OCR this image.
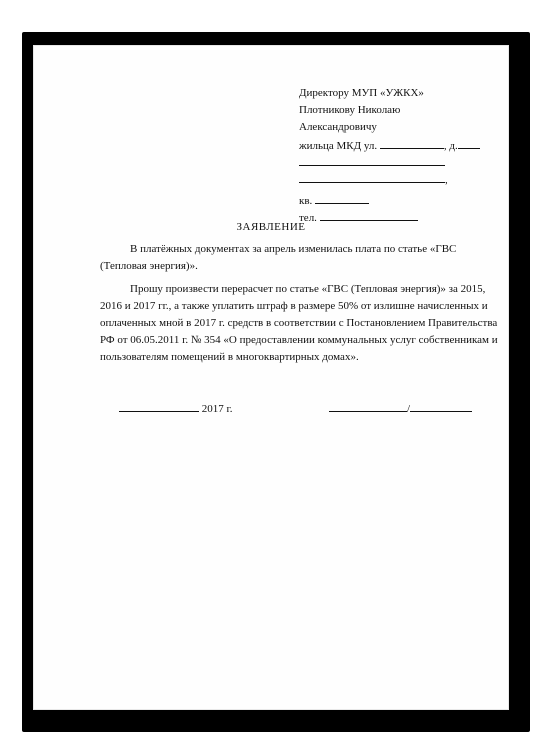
Директору МУП «УЖКХ»
Плотникову Николаю
Александровичу
жильца МКД ул.	, д.
,
кв.
тел.
ЗАЯВЛЕНИЕ
В платёжных документах за апрель изменилась плата по статье «ГВС (Тепловая энергия)».
Прошу произвести перерасчет по статье «ГВС (Тепловая энергия)» за 2015, 2016 и 2017 гг., а также уплатить штраф в размере 50% от излишне начисленных и оплаченных мной в 2017 г. средств в соответствии с Постановлением Правительства РФ от 06.05.2011 г. № 354 «О предоставлении коммунальных услуг собственникам и пользователям помещений в многоквартирных домах».
2017 г.	/
